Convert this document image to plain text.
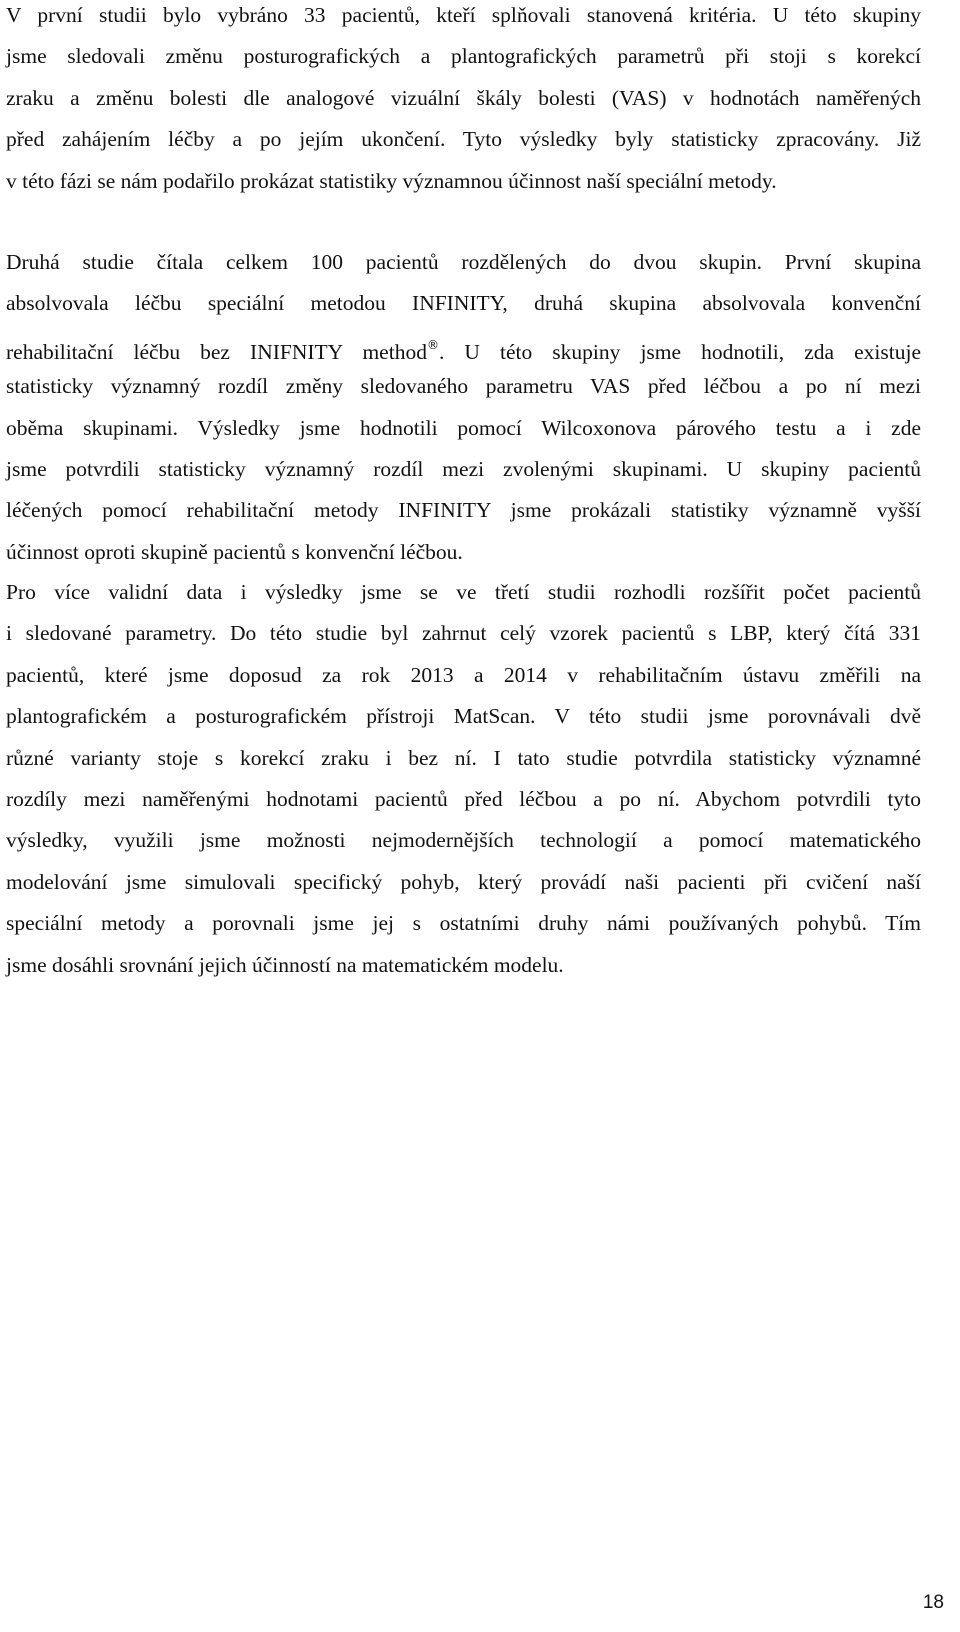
V první studii bylo vybráno 33 pacientů, kteří splňovali stanovená kritéria. U této skupiny
jsme sledovali změnu posturografických a plantografických parametrů při stoji s korekcí
zraku a změnu bolesti dle analogové vizuální škály bolesti (VAS) v hodnotách naměřených
před zahájením léčby a po jejím ukončení. Tyto výsledky byly statisticky zpracovány. Již
v této fázi se nám podařilo prokázat statistiky významnou účinnost naší speciální metody.
Druhá studie čítala celkem 100 pacientů rozdělených do dvou skupin. První skupina
absolvovala léčbu speciální metodou INFINITY, druhá skupina absolvovala konvenční
rehabilitační léčbu bez INIFNITY method®. U této skupiny jsme hodnotili, zda existuje
statisticky významný rozdíl změny sledovaného parametru VAS před léčbou a po ní mezi
oběma skupinami. Výsledky jsme hodnotili pomocí Wilcoxonova párového testu a i zde
jsme potvrdili statisticky významný rozdíl mezi zvolenými skupinami. U skupiny pacientů
léčených pomocí rehabilitační metody INFINITY jsme prokázali statistiky významně vyšší
účinnost oproti skupině pacientů s konvenční léčbou.
Pro více validní data i výsledky jsme se ve třetí studii rozhodli rozšířit počet pacientů
i sledované parametry. Do této studie byl zahrnut celý vzorek pacientů s LBP, který čítá 331
pacientů, které jsme doposud za rok 2013 a 2014 v rehabilitačním ústavu změřili na
plantografickém a posturografickém přístroji MatScan. V této studii jsme porovnávali dvě
různé varianty stoje s korekcí zraku i bez ní. I tato studie potvrdila statisticky významné
rozdíly mezi naměřenými hodnotami pacientů před léčbou a po ní. Abychom potvrdili tyto
výsledky, využili jsme možnosti nejmodernějších technologií a pomocí matematického
modelování jsme simulovali specifický pohyb, který provádí naši pacienti při cvičení naší
speciální metody a porovnali jsme jej s ostatními druhy námi používaných pohybů. Tím
jsme dosáhli srovnání jejich účinností na matematickém modelu.
18
